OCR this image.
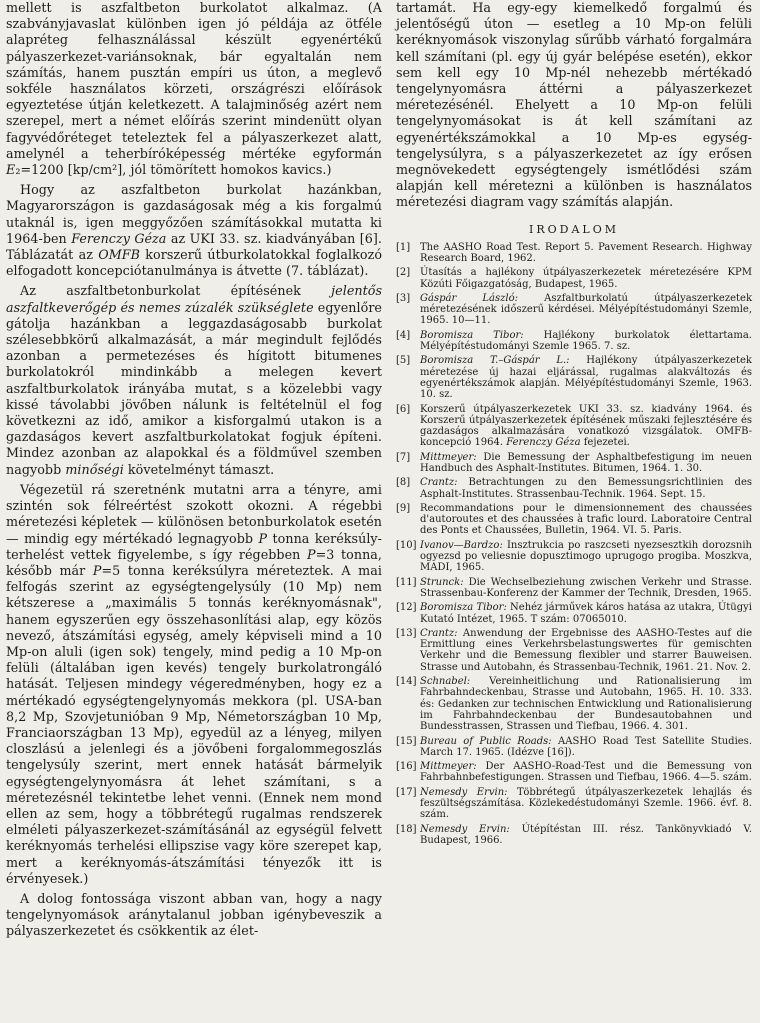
mellett is aszfaltbeton burkolatot alkalmaz. (A szabványjavaslat különben igen jó példája az ötféle alapréteg felhasználással készült egyenértékű pályaszerkezet-variánsoknak, bár egyaltalán nem számítás, hanem pusztán empíri us úton, a meglevő sokféle használatos körzeti, országrészi előírások egyeztetése útján keletkezett. A talajminőség azért nem szerepel, mert a német előírás szerint mindenütt olyan fagyvédőréteget teteleztek fel a pályaszerkezet alatt, amelynél a teherbíróképesség mértéke egyformán E₂=1200 [kp/cm²], jól tömörített homokos kavics.)

Hogy az aszfaltbeton burkolat hazánkban, Magyarországon is gazdaságosak még a kis forgalmú utaknál is, igen meggyőzően számításokkal mutatta ki 1964-ben Ferenczy Géza az UKI 33. sz. kiadványában [6]. Táblázatát az OMFB korszerű útburkolatokkal foglalkozó elfogadott koncepciótanulmánya is átvette (7. táblázat).

Az aszfaltbetonburkolat építésének jelentős aszfaltkeverőgép és nemes zúzalék szükséglete egyenlőre gátolja hazánkban a leggazdaságosabb burkolat szélesebbkörű alkalmazását, a már megindult fejlődés azonban a permetezéses és hígitott bitumenes burkolatokról mindinkább a melegen kevert aszfaltburkolatok irányába mutat, s a közelebbi vagy kissé távolabbi jövőben nálunk is feltételnül el fog következni az idő, amikor a kisforgalmú utakon is a gazdaságos kevert aszfaltburkolatokat fogjuk építeni. Mindez azonban az alapokkal és a földművel szemben nagyobb minőségi követelményt támaszt.

Végezetül rá szeretnénk mutatni arra a tényre, ami szintén sok félreértést szokott okozni. A régebbi méretezési képletek — különösen betonburkolatok esetén — mindig egy mértékadó legnagyobb P tonna keréksúly-terhelést vettek figyelembe, s így régebben P=3 tonna, később már P=5 tonna keréksúlyra méreteztek. A mai felfogás szerint az egységtengelysúly (10 Mp) nem kétszerese a „maximális 5 tonnás keréknyomásnak", hanem egyszerűen egy összehasonlítási alap, egy közös nevező, átszámítási egység, amely képviseli mind a 10 Mp-on aluli (igen sok) tengely, mind pedig a 10 Mp-on felüli (általában igen kevés) tengely burkolatrongáló hatását. Teljesen mindegy végeredményben, hogy ez a mértékadó egységtengelynyomás mekkora (pl. USA-ban 8,2 Mp, Szovjetunióban 9 Mp, Németországban 10 Mp, Franciaországban 13 Mp), egyedül az a lényeg, milyen closzlású a jelenlegi és a jövőbeni forgalommegoszlás tengelysúly szerint, mert ennek hatását bármelyik egységtengelynyomásra át lehet számítani, s a méretezésnél tekintetbe lehet venni. (Ennek nem mond ellen az sem, hogy a többrétegű rugalmas rendszerek elméleti pályaszerkezet-számításánál az egységül felvett keréknyomás terhelési ellipszise vagy köre szerepet kap, mert a keréknyomás-átszámítási tényezők itt is érvényesek.)

A dolog fontossága viszont abban van, hogy a nagy tengelynyomások aránytalanul jobban igénybeveszik a pályaszerkezetet és csökkentik az élet-

tartamát. Ha egy-egy kiemelkedő forgalmú és jelentőségű úton — esetleg a 10 Mp-on felüli keréknyomások viszonylag sűrűbb várható forgalmára kell számítani (pl. egy új gyár belépése esetén), ekkor sem kell egy 10 Mp-nél nehezebb mértékadó tengelynyomásra áttérni a pályaszerkezet méretezésénél. Ehelyett a 10 Mp-on felüli tengelynyomásokat is át kell számítani az egyenértékszámokkal a 10 Mp-es egység-tengelysúlyra, s a pályaszerkezetet az így erősen megnövekedett egységtengely ismétlődési szám alapján kell méretezni a különben is használatos méretezési diagram vagy számítás alapján.

IRODALOM
[1] The AASHO Road Test. Report 5. Pavement Research. Highway Research Board, 1962.
[2] Útasítás a hajlékony útpályaszerkezetek méretezésére KPM Közúti Főigazgatóság, Budapest, 1965.
[3] Gáspár László: Aszfaltburkolatú útpályaszerkezetek méretezésének időszerű kérdései. Mélyépítéstudományi Szemle, 1965. 10—11.
[4] Boromisza Tibor: Hajlékony burkolatok élettartama. Mélyépítéstudományi Szemle 1965. 7. sz.
[5] Boromisza T.–Gáspár L.: Hajlékony útpályaszerkezetek méretezése új hazai eljárással, rugalmas alakváltozás és egyenértékszámok alapján. Mélyépítéstudományi Szemle, 1963. 10. sz.
[6] Korszerű útpályaszerkezetek UKI 33. sz. kiadvány 1964. és Korszerű útpályaszerkezetek építésének műszaki fejlesztésére és gazdaságos alkalmazására vonatkozó vizsgálatok. OMFB-koncepció 1964. Ferenczy Géza fejezetei.
[7] Mittmeyer: Die Bemessung der Asphaltbefestigung im neuen Handbuch des Asphalt-Institutes. Bitumen, 1964. 1. 30.
[8] Crantz: Betrachtungen zu den Bemessungsrichtlinien des Asphalt-Institutes. Strassenbau-Technik. 1964. Sept. 15.
[9] Recommandations pour le dimensionnement des chaussées d'autoroutes et des chaussées à trafic lourd. Laboratoire Central des Ponts et Chaussées, Bulletin, 1964. VI. 5. Paris.
[10] Ivanov—Bardzo: Insztrukcia po raszcseti nyezsesztkih dorozsnih ogyezsd po veliesnie dopusztimogo uprugogo progiba. Moszkva, MADI, 1965.
[11] Strunck: Die Wechselbeziehung zwischen Verkehr und Strasse. Strassenbau-Konferenz der Kammer der Technik, Dresden, 1965.
[12] Boromisza Tibor: Nehéz járművek káros hatása az utakra, Útügyi Kutató Intézet, 1965. T szám: 07065010.
[13] Crantz: Anwendung der Ergebnisse des AASHO-Testes auf die Ermittlung eines Verkehrsbelastungswertes für gemischten Verkehr und die Bemessung flexibler und starrer Bauweisen. Strasse und Autobahn, és Strassenbau-Technik, 1961. 21. Nov. 2.
[14] Schnabel: Vereinheitlichung und Rationalisierung im Fahrbahndeckenbau, Strasse und Autobahn, 1965. H. 10. 333. és: Gedanken zur technischen Entwicklung und Rationalisierung im Fahrbahndeckenbau der Bundesautobahnen und Bundesstrassen, Strassen und Tiefbau, 1966. 4. 301.
[15] Bureau of Public Roads: AASHO Road Test Satellite Studies. March 17. 1965. (Idézve [16]).
[16] Mittmeyer: Der AASHO-Road-Test und die Bemessung von Fahrbahnbefestigungen. Strassen und Tiefbau, 1966. 4—5. szám.
[17] Nemesdy Ervin: Többrétegű útpályaszerkezetek lehajlás és feszültségszámítása. Közlekedéstudományi Szemle. 1966. évf. 8. szám.
[18] Nemesdy Ervin: Útépítéstan III. rész. Tankönyvkiadó V. Budapest, 1966.
